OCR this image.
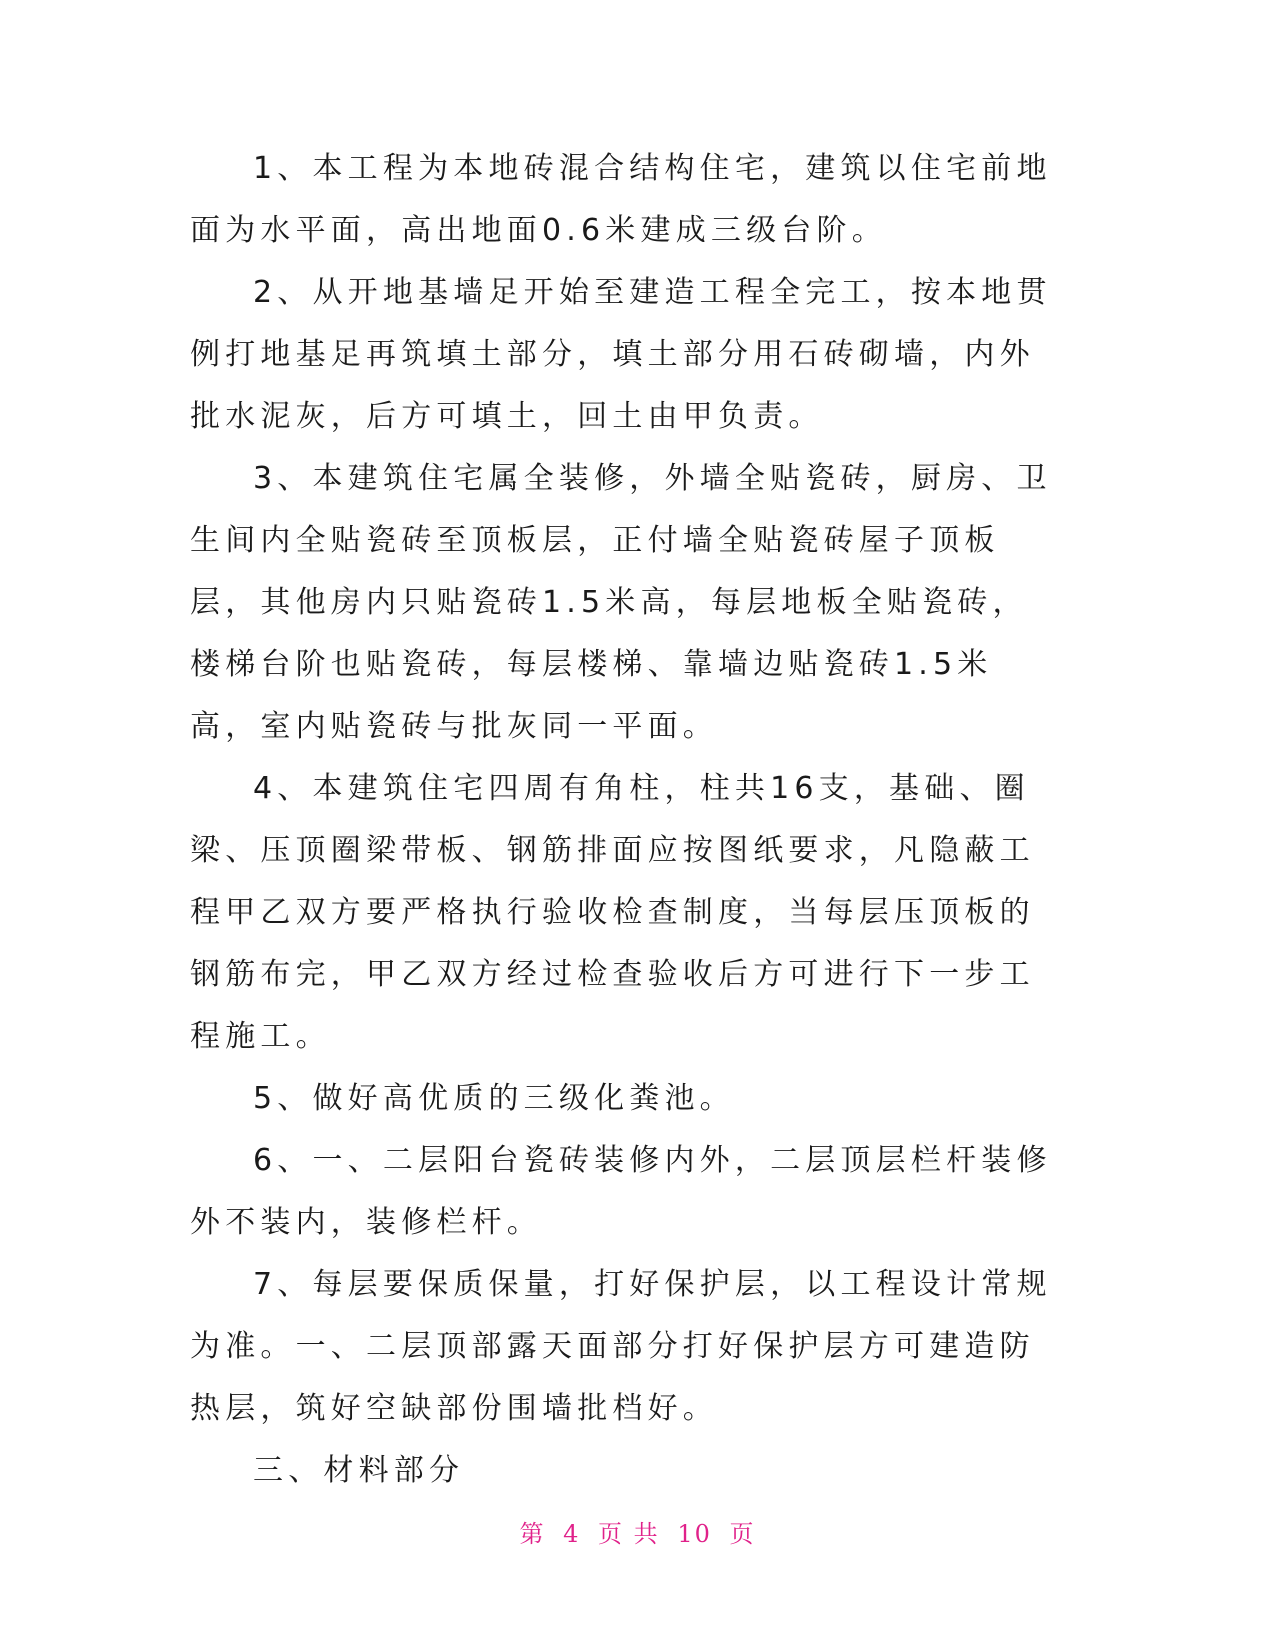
1、本工程为本地砖混合结构住宅，建筑以住宅前地面为水平面，高出地面0.6米建成三级台阶。

2、从开地基墙足开始至建造工程全完工，按本地贯例打地基足再筑填土部分，填土部分用石砖砌墙，内外批水泥灰，后方可填土，回土由甲负责。

3、本建筑住宅属全装修，外墙全贴瓷砖，厨房、卫生间内全贴瓷砖至顶板层，正付墙全贴瓷砖屋子顶板层，其他房内只贴瓷砖1.5米高，每层地板全贴瓷砖，楼梯台阶也贴瓷砖，每层楼梯、靠墙边贴瓷砖1.5米高，室内贴瓷砖与批灰同一平面。

4、本建筑住宅四周有角柱，柱共16支，基础、圈梁、压顶圈梁带板、钢筋排面应按图纸要求，凡隐蔽工程甲乙双方要严格执行验收检查制度，当每层压顶板的钢筋布完，甲乙双方经过检查验收后方可进行下一步工程施工。

5、做好高优质的三级化粪池。

6、一、二层阳台瓷砖装修内外，二层顶层栏杆装修外不装内，装修栏杆。

7、每层要保质保量，打好保护层，以工程设计常规为准。一、二层顶部露天面部分打好保护层方可建造防热层，筑好空缺部份围墙批档好。

三、材料部分

第 4 页 共 10 页
